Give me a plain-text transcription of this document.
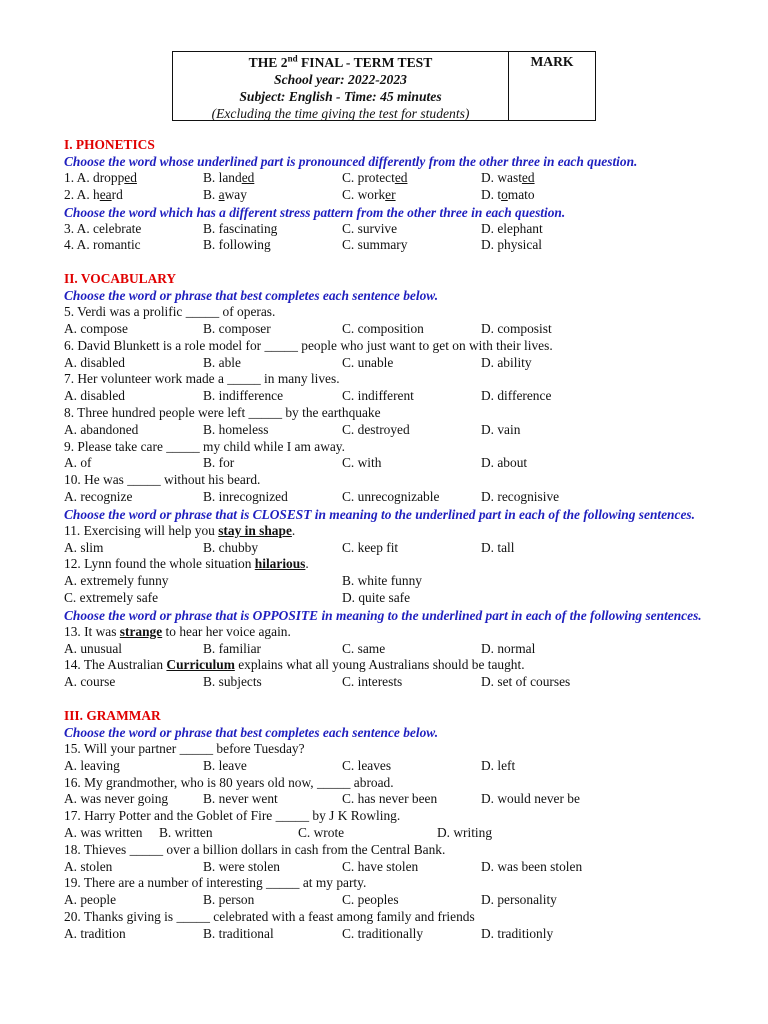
THE 2nd FINAL - TERM TEST
School year: 2022-2023
Subject: English - Time: 45 minutes
(Excluding the time giving the test for students)
MARK
I. PHONETICS
Choose the word whose underlined part is pronounced differently from the other three in each question.
1. A. dropped	B. landed	C. protected	D. wasted
2. A. heard	B. away	C. worker	D. tomato
Choose the word which has a different stress pattern from the other three in each question.
3. A. celebrate	B. fascinating	C. survive	D. elephant
4. A. romantic	B. following	C. summary	D. physical
II. VOCABULARY
Choose the word or phrase that best completes each sentence below.
5. Verdi was a prolific _____ of operas.
A. compose	B. composer	C. composition	D. composist
6. David Blunkett is a role model for _____ people who just want to get on with their lives.
A. disabled	B. able	C. unable	D. ability
7. Her volunteer work made a _____ in many lives.
A. disabled	B. indifference	C. indifferent	D. difference
8. Three hundred people were left _____ by the earthquake
A. abandoned	B. homeless	C. destroyed	D. vain
9. Please take care _____ my child while I am away.
A. of	B. for	C. with	D. about
10. He was _____ without his beard.
A. recognize	B. inrecognized	C. unrecognizable	D. recognisive
Choose the word or phrase that is CLOSEST in meaning to the underlined part in each of the following sentences.
11. Exercising will help you stay in shape.
A. slim	B. chubby	C. keep fit	D. tall
12. Lynn found the whole situation hilarious.
A. extremely funny	B. white funny
C. extremely safe	D. quite safe
Choose the word or phrase that is OPPOSITE in meaning to the underlined part in each of the following sentences.
13. It was strange to hear her voice again.
A. unusual	B. familiar	C. same	D. normal
14. The Australian Curriculum explains what all young Australians should be taught.
A. course	B. subjects	C. interests	D. set of courses
III. GRAMMAR
Choose the word or phrase that best completes each sentence below.
15. Will your partner _____ before Tuesday?
A. leaving	B. leave	C. leaves	D. left
16. My grandmother, who is 80 years old now, _____ abroad.
A. was never going	B. never went	C. has never been	D. would never be
17. Harry Potter and the Goblet of Fire _____ by J K Rowling.
A. was written	B. written	C. wrote	D. writing
18. Thieves _____ over a billion dollars in cash from the Central Bank.
A. stolen	B. were stolen	C. have stolen	D. was been stolen
19. There are a number of interesting _____ at my party.
A. people	B. person	C. peoples	D. personality
20. Thanks giving is _____ celebrated with a feast among family and friends
A. tradition	B. traditional	C. traditionally	D. traditionly
